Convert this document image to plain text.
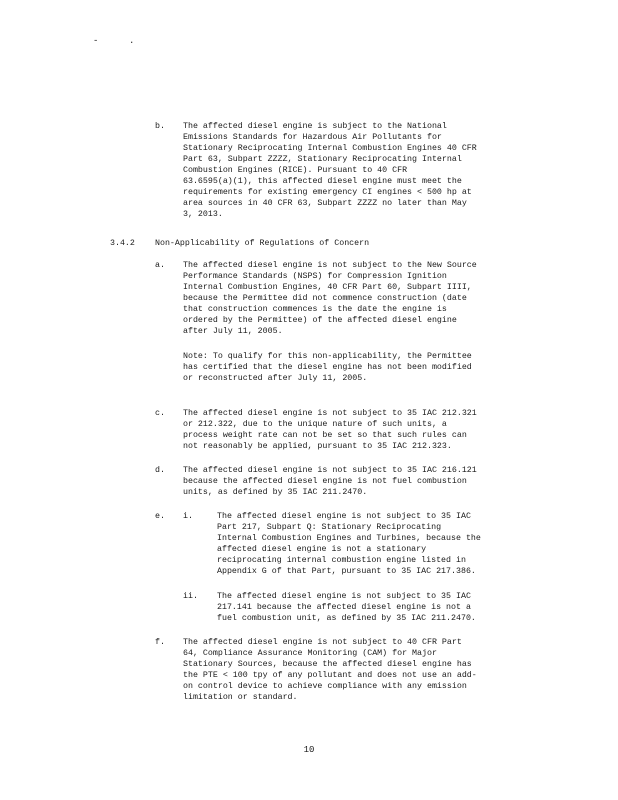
-	.
b.	The affected diesel engine is subject to the National
Emissions Standards for Hazardous Air Pollutants for
Stationary Reciprocating Internal Combustion Engines 40 CFR
Part 63, Subpart ZZZZ, Stationary Reciprocating Internal
Combustion Engines (RICE). Pursuant to 40 CFR
63.6595(a)(1), this affected diesel engine must meet the
requirements for existing emergency CI engines < 500 hp at
area sources in 40 CFR 63, Subpart ZZZZ no later than May
3, 2013.
3.4.2 Non-Applicability of Regulations of Concern
a.	The affected diesel engine is not subject to the New Source
Performance Standards (NSPS) for Compression Ignition
Internal Combustion Engines, 40 CFR Part 60, Subpart IIII,
because the Permittee did not commence construction (date
that construction commences is the date the engine is
ordered by the Permittee) of the affected diesel engine
after July 11, 2005.
Note: To qualify for this non-applicability, the Permittee
has certified that the diesel engine has not been modified
or reconstructed after July 11, 2005.
c.	The affected diesel engine is not subject to 35 IAC 212.321
or 212.322, due to the unique nature of such units, a
process weight rate can not be set so that such rules can
not reasonably be applied, pursuant to 35 IAC 212.323.
d.	The affected diesel engine is not subject to 35 IAC 216.121
because the affected diesel engine is not fuel combustion
units, as defined by 35 IAC 211.2470.
e.	i.	The affected diesel engine is not subject to 35 IAC
Part 217, Subpart Q: Stationary Reciprocating
Internal Combustion Engines and Turbines, because the
affected diesel engine is not a stationary
reciprocating internal combustion engine listed in
Appendix G of that Part, pursuant to 35 IAC 217.386.
ii. The affected diesel engine is not subject to 35 IAC
217.141 because the affected diesel engine is not a
fuel combustion unit, as defined by 35 IAC 211.2470.
f.	The affected diesel engine is not subject to 40 CFR Part
64, Compliance Assurance Monitoring (CAM) for Major
Stationary Sources, because the affected diesel engine has
the PTE < 100 tpy of any pollutant and does not use an add-
on control device to achieve compliance with any emission
limitation or standard.
10
